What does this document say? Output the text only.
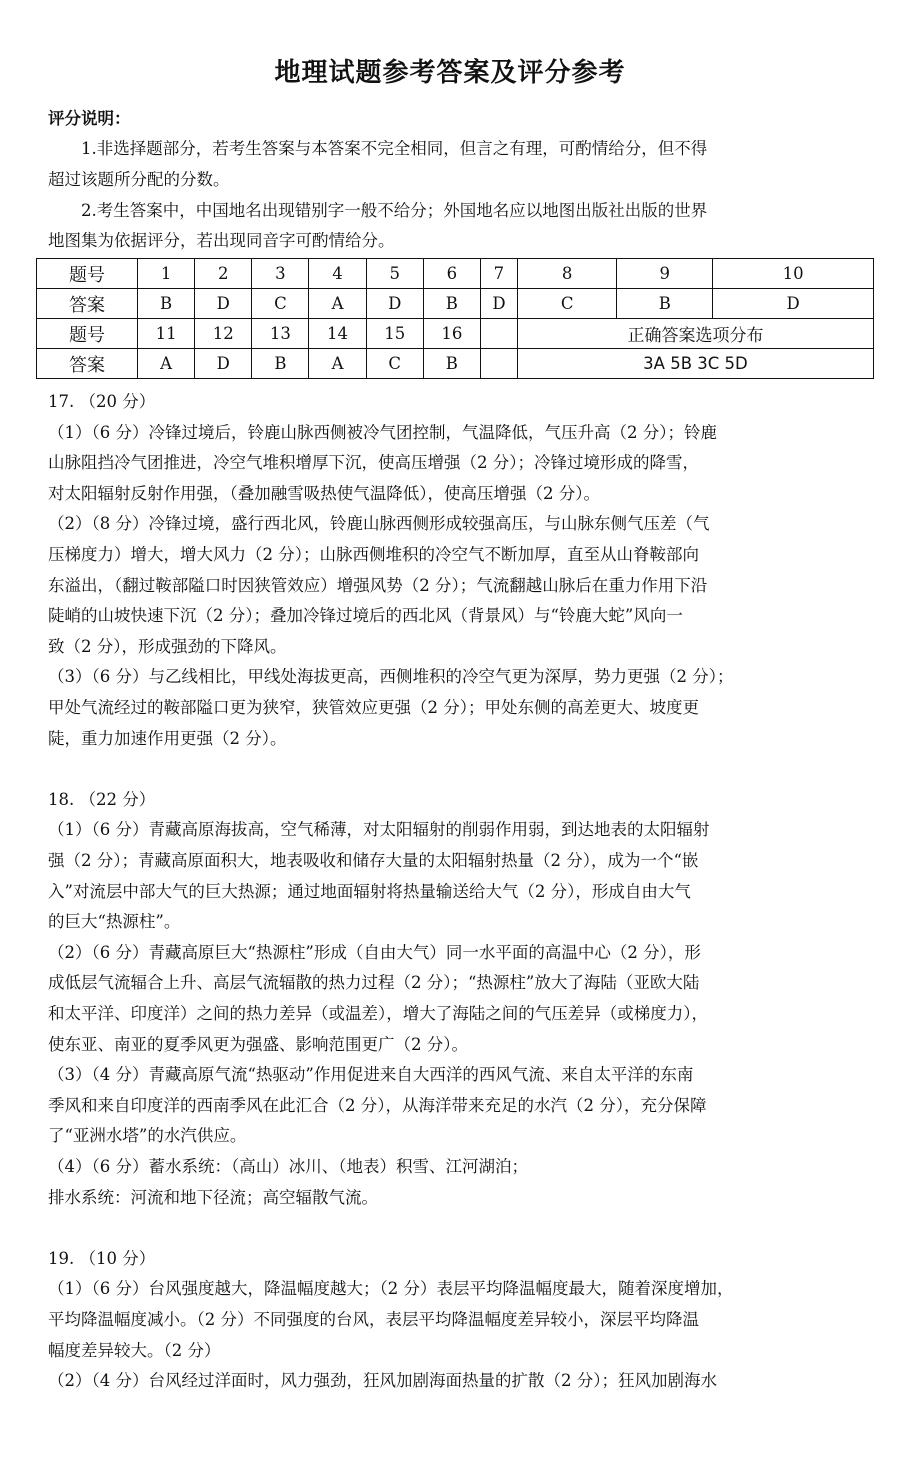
地理试题参考答案及评分参考
评分说明：
　　1.非选择题部分，若考生答案与本答案不完全相同，但言之有理，可酌情给分，但不得
超过该题所分配的分数。
　　2.考生答案中，中国地名出现错别字一般不给分；外国地名应以地图出版社出版的世界
地图集为依据评分，若出现同音字可酌情给分。
题号	1	2	3	4	5	6	7	8	9	10
答案	B	D	C	A	D	B	D	C	B	D
题号	11	12	13	14	15	16		正确答案选项分布		
答案	A	D	B	A	C	B		3A 5B 3C 5D		
17. （20 分）
（1）（6 分）冷锋过境后，铃鹿山脉西侧被冷气团控制，气温降低，气压升高（2 分）；铃鹿
山脉阻挡冷气团推进，冷空气堆积增厚下沉，使高压增强（2 分）；冷锋过境形成的降雪，
对太阳辐射反射作用强，（叠加融雪吸热使气温降低），使高压增强（2 分）。
（2）（8 分）冷锋过境，盛行西北风，铃鹿山脉西侧形成较强高压，与山脉东侧气压差（气
压梯度力）增大，增大风力（2 分）；山脉西侧堆积的冷空气不断加厚，直至从山脊鞍部向
东溢出，（翻过鞍部隘口时因狭管效应）增强风势（2 分）；气流翻越山脉后在重力作用下沿
陡峭的山坡快速下沉（2 分）；叠加冷锋过境后的西北风（背景风）与“铃鹿大蛇”风向一
致（2 分），形成强劲的下降风。
（3）（6 分）与乙线相比，甲线处海拔更高，西侧堆积的冷空气更为深厚，势力更强（2 分）；
甲处气流经过的鞍部隘口更为狭窄，狭管效应更强（2 分）；甲处东侧的高差更大、坡度更
陡，重力加速作用更强（2 分）。
18. （22 分）
（1）（6 分）青藏高原海拔高，空气稀薄，对太阳辐射的削弱作用弱，到达地表的太阳辐射
强（2 分）；青藏高原面积大，地表吸收和储存大量的太阳辐射热量（2 分），成为一个“嵌
入”对流层中部大气的巨大热源；通过地面辐射将热量输送给大气（2 分），形成自由大气
的巨大“热源柱”。
（2）（6 分）青藏高原巨大“热源柱”形成（自由大气）同一水平面的高温中心（2 分），形
成低层气流辐合上升、高层气流辐散的热力过程（2 分）；“热源柱”放大了海陆（亚欧大陆
和太平洋、印度洋）之间的热力差异（或温差），增大了海陆之间的气压差异（或梯度力），
使东亚、南亚的夏季风更为强盛、影响范围更广（2 分）。
（3）（4 分）青藏高原气流“热驱动”作用促进来自大西洋的西风气流、来自太平洋的东南
季风和来自印度洋的西南季风在此汇合（2 分），从海洋带来充足的水汽（2 分），充分保障
了“亚洲水塔”的水汽供应。
（4）（6 分）蓄水系统：（高山）冰川、（地表）积雪、江河湖泊；
排水系统：河流和地下径流；高空辐散气流。
19. （10 分）
（1）（6 分）台风强度越大，降温幅度越大；（2 分）表层平均降温幅度最大，随着深度增加，
平均降温幅度减小。（2 分）不同强度的台风，表层平均降温幅度差异较小，深层平均降温
幅度差异较大。（2 分）
（2）（4 分）台风经过洋面时，风力强劲，狂风加剧海面热量的扩散（2 分）；狂风加剧海水
